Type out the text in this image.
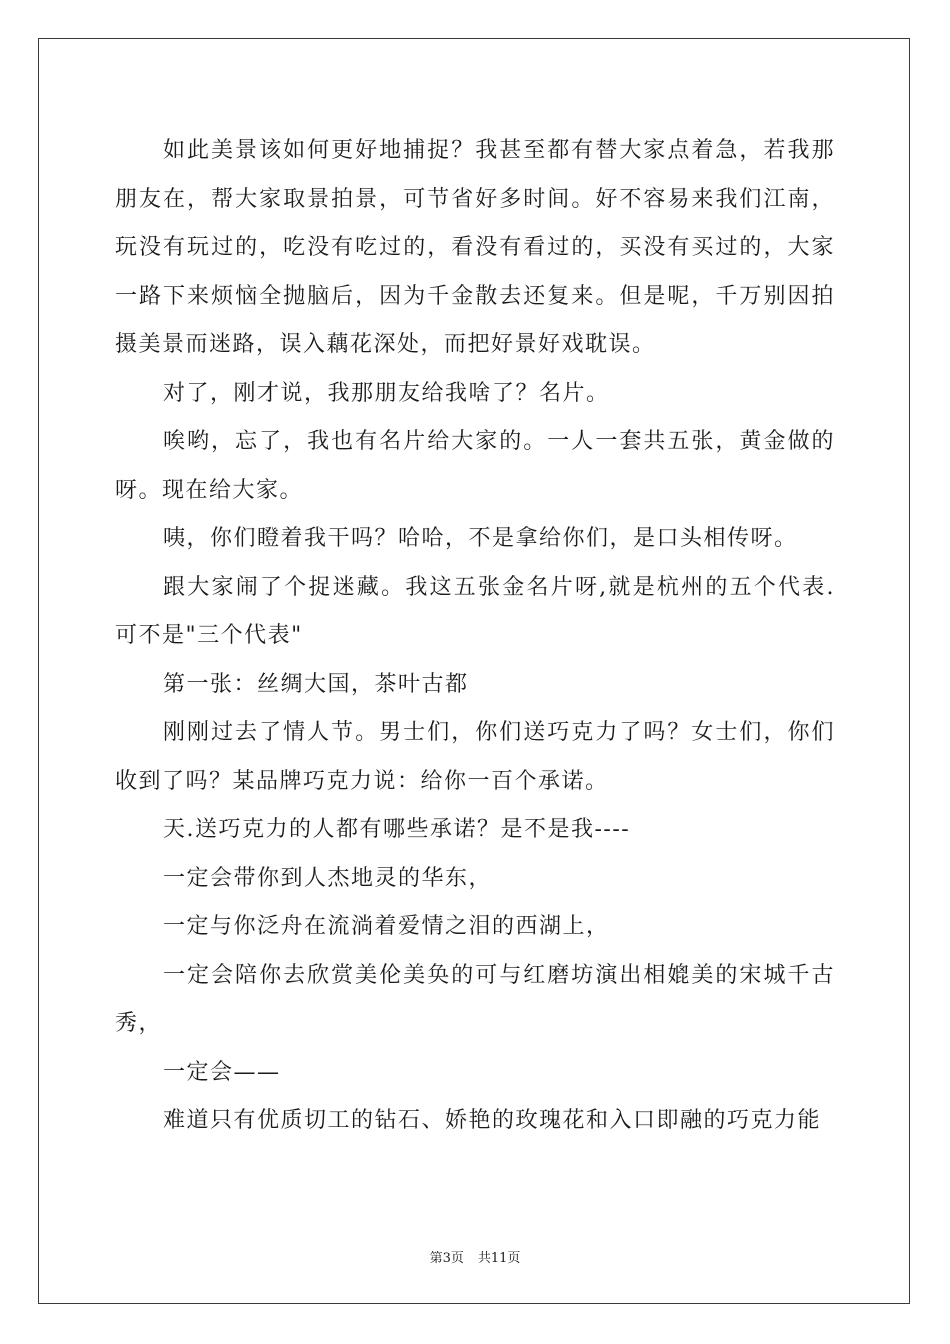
如此美景该如何更好地捕捉？我甚至都有替大家点着急，若我那朋友在，帮大家取景拍景，可节省好多时间。好不容易来我们江南，玩没有玩过的，吃没有吃过的，看没有看过的，买没有买过的，大家一路下来烦恼全抛脑后，因为千金散去还复来。但是呢，千万别因拍摄美景而迷路，误入藕花深处，而把好景好戏耽误。

对了，刚才说，我那朋友给我啥了？名片。

唉哟，忘了，我也有名片给大家的。一人一套共五张，黄金做的呀。现在给大家。

咦，你们瞪着我干吗？哈哈，不是拿给你们，是口头相传呀。

跟大家闹了个捉迷藏。我这五张金名片呀,就是杭州的五个代表.可不是"三个代表"

第一张：丝绸大国，茶叶古都

刚刚过去了情人节。男士们，你们送巧克力了吗？女士们，你们收到了吗？某品牌巧克力说：给你一百个承诺。

天.送巧克力的人都有哪些承诺？是不是我----

一定会带你到人杰地灵的华东，

一定与你泛舟在流淌着爱情之泪的西湖上，

一定会陪你去欣赏美伦美奂的可与红磨坊演出相媲美的宋城千古秀，

一定会——

难道只有优质切工的钻石、娇艳的玫瑰花和入口即融的巧克力能

第3页 共11页
